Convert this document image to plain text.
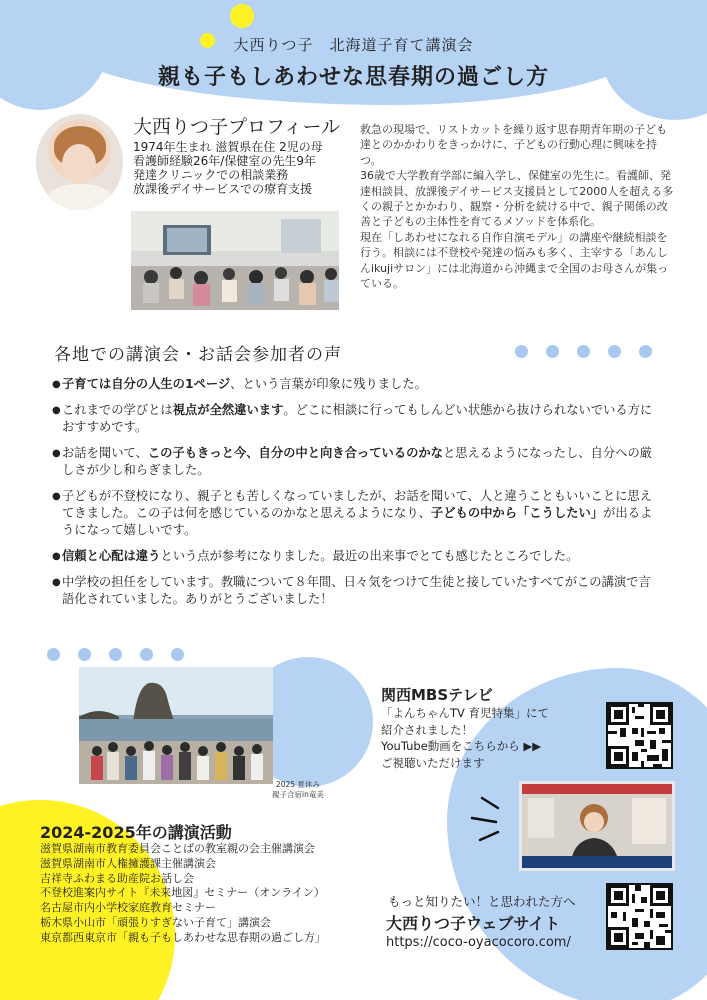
大西りつ子　北海道子育て講演会
親も子もしあわせな思春期の過ごし方
大西りつ子プロフィール
1974年生まれ 滋賀県在住 2児の母
看護師経験26年/保健室の先生9年
発達クリニックでの相談業務
放課後デイサービスでの療育支援

救急の現場で、リストカットを繰り返す思春期青年期の子ども達とのかかわりをきっかけに、子どもの行動心理に興味を持つ。

36歳で大学教育学部に編入学し、保健室の先生に。看護師、発達相談員、放課後デイサービス支援員として2000人を超える多くの親子とかかわり、観察・分析を続ける中で、親子関係の改善と子どもの主体性を育てるメソッドを体系化。

現在「しあわせになれる自作自演モデル」の講座や継続相談を行う。相談には不登校や発達の悩みも多く、主宰する「あんしんikujiサロン」には北海道から沖縄まで全国のお母さんが集っている。

各地での講演会・お話会参加者の声
● 子育ては自分の人生の1ページ、という言葉が印象に残りました。
● これまでの学びとは視点が全然違います。どこに相談に行ってもしんどい状態から抜けられないでいる方におすすめです。
● お話を聞いて、この子もきっと今、自分の中と向き合っているのかなと思えるようになったし、自分への厳しさが少し和らぎました。
● 子どもが不登校になり、親子とも苦しくなっていましたが、お話を聞いて、人と違うこともいいことに思えてきました。この子は何を感じているのかなと思えるようになり、子どもの中から「こうしたい」が出るようになって嬉しいです。
● 信頼と心配は違うという点が参考になりました。最近の出来事でとても感じたところでした。
● 中学校の担任をしています。教職について８年間、日々気をつけて生徒と接していたすべてがこの講演で言語化されていました。ありがとうございました！
2025 夏休み
親子合宿in竜美
2024-2025年の講演活動
滋賀県湖南市教育委員会ことばの教室親の会主催講演会
滋賀県湖南市人権擁護課主催講演会
吉祥寺ふわまる助産院お話し会
不登校進案内サイト『未来地図』セミナー（オンライン）
名古屋市内小学校家庭教育セミナー
栃木県小山市「頑張りすぎない子育て」講演会
東京都西東京市「親も子もしあわせな思春期の過ごし方」
関西MBSテレビ
「よんちゃんTV 育児特集」にて
紹介されました！
YouTube動画をこちらから ▶▶
ご視聴いただけます
もっと知りたい！と思われた方へ
大西りつ子ウェブサイト
https://coco-oyacocoro.com/
